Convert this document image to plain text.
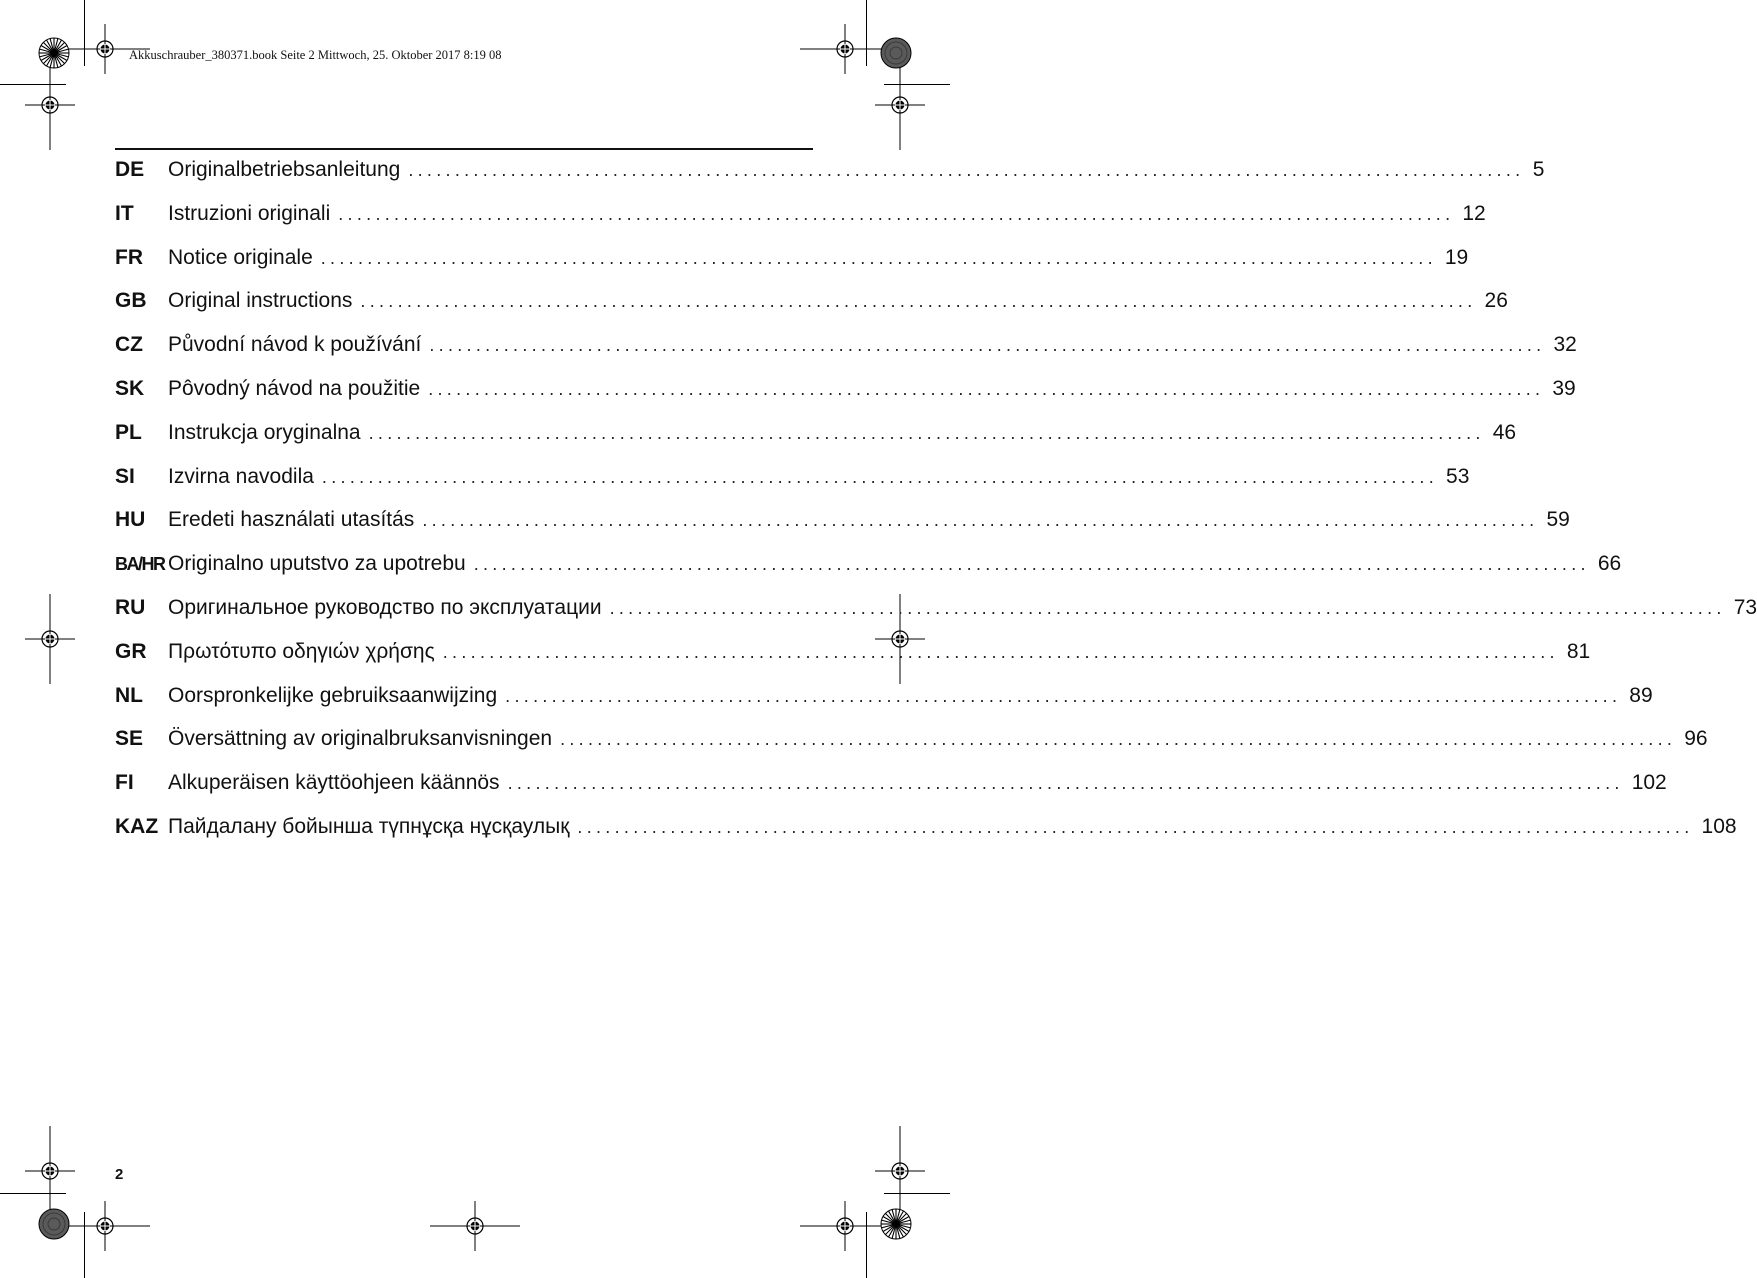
Akkuschrauber_380371.book Seite 2 Mittwoch, 25. Oktober 2017 8:19 08
DE	Originalbetriebsanleitung ........................................................................................................................ 5
IT	Istruzioni originali ........................................................................................................................ 12
FR	Notice originale ........................................................................................................................ 19
GB	Original instructions ........................................................................................................................ 26
CZ	Původní návod k používání ........................................................................................................................ 32
SK	Pôvodný návod na použitie ........................................................................................................................ 39
PL	Instrukcja oryginalna ........................................................................................................................ 46
SI	Izvirna navodila ........................................................................................................................ 53
HU	Eredeti használati utasítás ........................................................................................................................ 59
BA/HR Originalno uputstvo za upotrebu ........................................................................................................................ 66
RU	Оригинальное руководство по эксплуатации ........................................................................................................................ 73
GR	Πρωτότυπο οδηγιών χρήσης ........................................................................................................................ 81
NL	Oorspronkelijke gebruiksaanwijzing ........................................................................................................................ 89
SE	Översättning av originalbruksanvisningen ........................................................................................................................ 96
FI	Alkuperäisen käyttöohjeen käännös ........................................................................................................................ 102
KAZ Пайдалану бойынша түпнұсқа нұсқаулық ........................................................................................................................ 108
2
